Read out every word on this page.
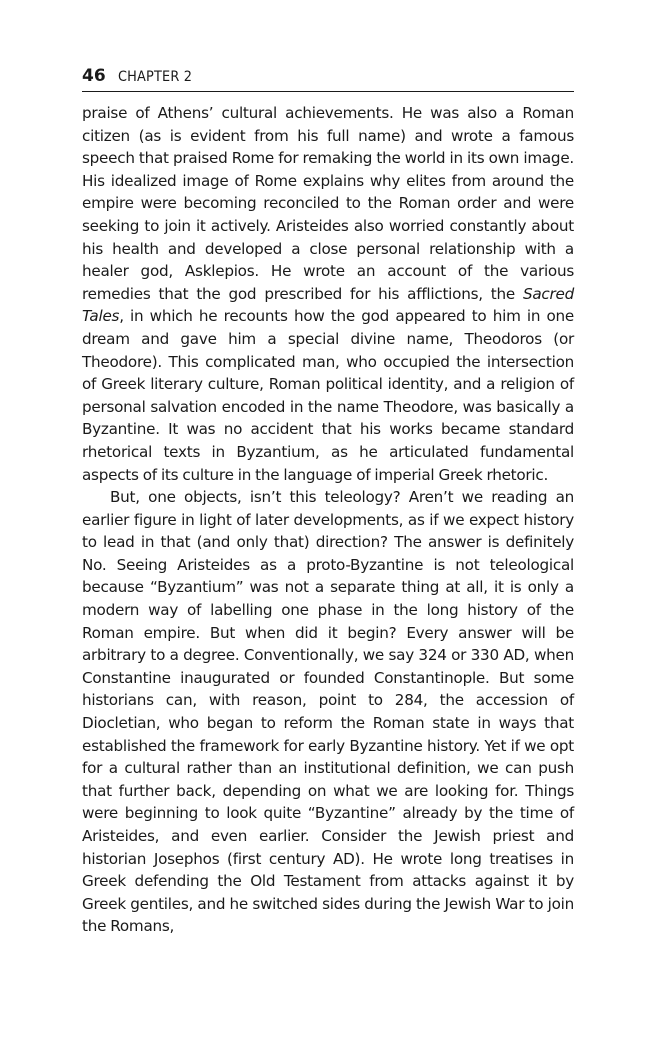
46 CHAPTER 2

praise of Athens’ cultural achievements. He was also a Roman citizen (as is evident from his full name) and wrote a famous speech that praised Rome for remaking the world in its own image. His idealized image of Rome explains why elites from around the empire were becoming reconciled to the Roman order and were seeking to join it actively. Aristeides also worried constantly about his health and developed a close personal relationship with a healer god, Asklepios. He wrote an account of the various remedies that the god prescribed for his afflictions, the Sacred Tales, in which he recounts how the god appeared to him in one dream and gave him a special divine name, Theodoros (or Theodore). This complicated man, who occupied the intersection of Greek literary culture, Roman political identity, and a religion of personal salvation encoded in the name Theodore, was basically a Byzantine. It was no accident that his works became standard rhetorical texts in Byzantium, as he articulated fundamental aspects of its culture in the language of imperial Greek rhetoric.

But, one objects, isn’t this teleology? Aren’t we reading an earlier figure in light of later developments, as if we expect history to lead in that (and only that) direction? The answer is definitely No. Seeing Aristeides as a proto-Byzantine is not teleological because “Byzantium” was not a separate thing at all, it is only a modern way of labelling one phase in the long history of the Roman empire. But when did it begin? Every answer will be arbitrary to a degree. Conventionally, we say 324 or 330 AD, when Constantine inaugurated or founded Constantinople. But some historians can, with reason, point to 284, the accession of Diocletian, who began to reform the Roman state in ways that established the framework for early Byzantine history. Yet if we opt for a cultural rather than an institutional definition, we can push that further back, depending on what we are looking for. Things were beginning to look quite “Byzantine” already by the time of Aristeides, and even earlier. Consider the Jewish priest and historian Josephos (first century AD). He wrote long treatises in Greek defending the Old Testament from attacks against it by Greek gentiles, and he switched sides during the Jewish War to join the Romans,
